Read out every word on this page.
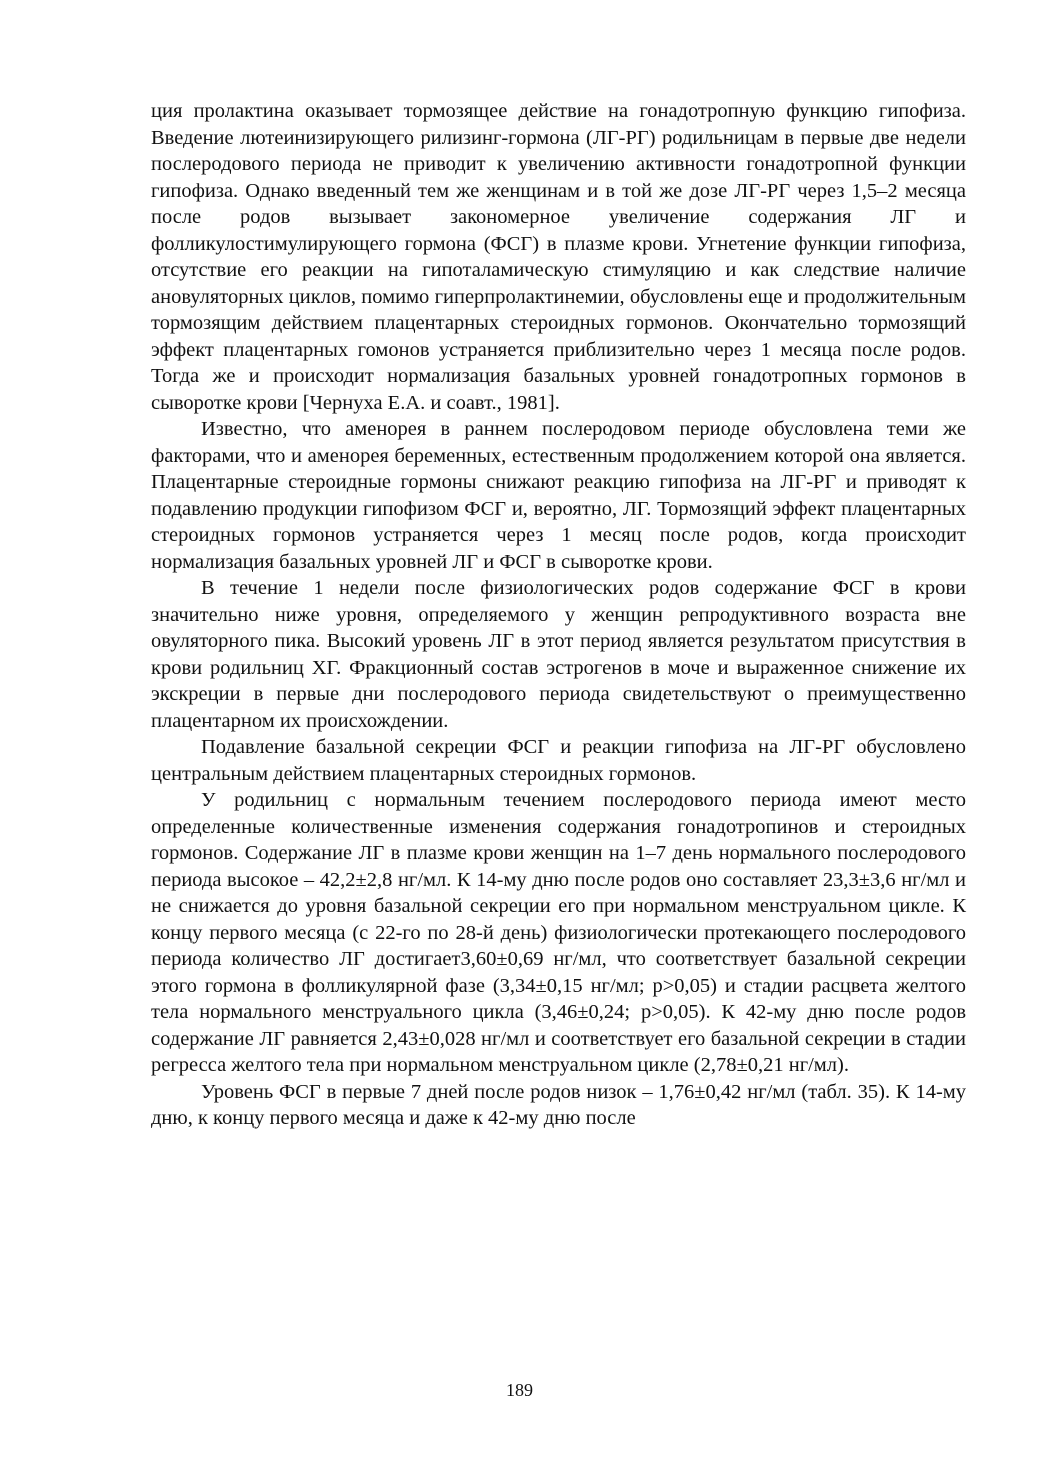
ция пролактина оказывает тормозящее действие на гонадотропную функцию гипофиза. Введение лютеинизирующего рилизинг-гормона (ЛГ-РГ) родильницам в первые две недели послеродового периода не приводит к увеличению активности гонадотропной функции гипофиза. Однако введенный тем же женщинам и в той же дозе ЛГ-РГ через 1,5–2 месяца после родов вызывает закономерное увеличение содержания ЛГ и фолликулостимулирующего гормона (ФСГ) в плазме крови. Угнетение функции гипофиза, отсутствие его реакции на гипоталамическую стимуляцию и как следствие наличие ановуляторных циклов, помимо гиперпролактинемии, обусловлены еще и продолжительным тормозящим действием плацентарных стероидных гормонов. Окончательно тормозящий эффект плацентарных гомонов устраняется приблизительно через 1 месяца после родов. Тогда же и происходит нормализация базальных уровней гонадотропных гормонов в сыворотке крови [Чернуха Е.А. и соавт., 1981].

Известно, что аменорея в раннем послеродовом периоде обусловлена теми же факторами, что и аменорея беременных, естественным продолжением которой она является. Плацентарные стероидные гормоны снижают реакцию гипофиза на ЛГ-РГ и приводят к подавлению продукции гипофизом ФСГ и, вероятно, ЛГ. Тормозящий эффект плацентарных стероидных гормонов устраняется через 1 месяц после родов, когда происходит нормализация базальных уровней ЛГ и ФСГ в сыворотке крови.

В течение 1 недели после физиологических родов содержание ФСГ в крови значительно ниже уровня, определяемого у женщин репродуктивного возраста вне овуляторного пика. Высокий уровень ЛГ в этот период является результатом присутствия в крови родильниц ХГ. Фракционный состав эстрогенов в моче и выраженное снижение их экскреции в первые дни послеродового периода свидетельствуют о преимущественно плацентарном их происхождении.

Подавление базальной секреции ФСГ и реакции гипофиза на ЛГ-РГ обусловлено центральным действием плацентарных стероидных гормонов.

У родильниц с нормальным течением послеродового периода имеют место определенные количественные изменения содержания гонадотропинов и стероидных гормонов. Содержание ЛГ в плазме крови женщин на 1–7 день нормального послеродового периода высокое – 42,2±2,8 нг/мл. К 14-му дню после родов оно составляет 23,3±3,6 нг/мл и не снижается до уровня базальной секреции его при нормальном менструальном цикле. К концу первого месяца (с 22-го по 28-й день) физиологически протекающего послеродового периода количество ЛГ достигает3,60±0,69 нг/мл, что соответствует базальной секреции этого гормона в фолликулярной фазе (3,34±0,15 нг/мл; р>0,05) и стадии расцвета желтого тела нормального менструального цикла (3,46±0,24; р>0,05). К 42-му дню после родов содержание ЛГ равняется 2,43±0,028 нг/мл и соответствует его базальной секреции в стадии регресса желтого тела при нормальном менструальном цикле (2,78±0,21 нг/мл).

Уровень ФСГ в первые 7 дней после родов низок – 1,76±0,42 нг/мл (табл. 35). К 14-му дню, к концу первого месяца и даже к 42-му дню после

189
